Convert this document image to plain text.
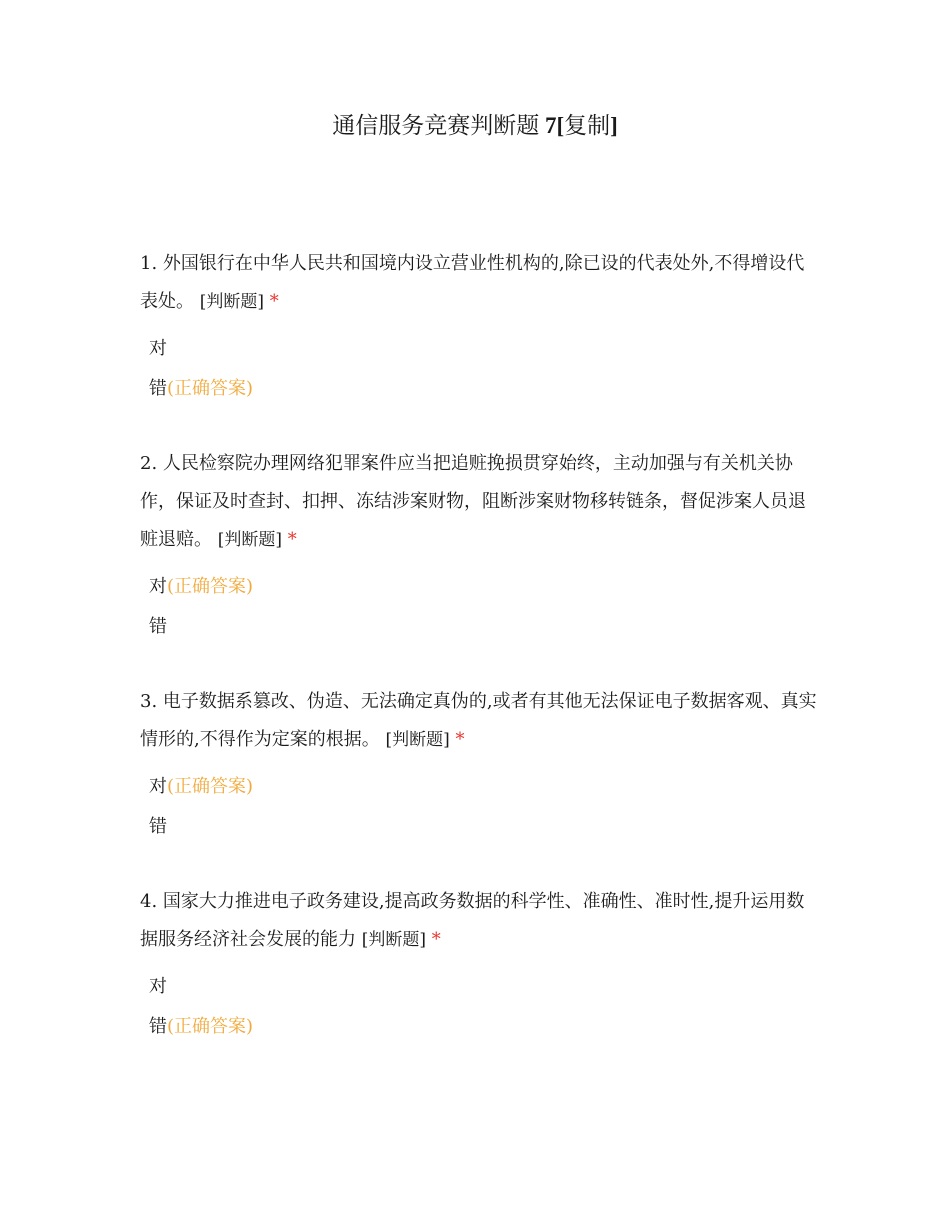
通信服务竞赛判断题 7[复制]

1. 外国银行在中华人民共和国境内设立营业性机构的,除已设的代表处外,不得增设代表处。 [判断题] *

对
错(正确答案)

2. 人民检察院办理网络犯罪案件应当把追赃挽损贯穿始终，主动加强与有关机关协作，保证及时查封、扣押、冻结涉案财物，阻断涉案财物移转链条，督促涉案人员退赃退赔。 [判断题] *

对(正确答案)
错

3. 电子数据系篡改、伪造、无法确定真伪的,或者有其他无法保证电子数据客观、真实情形的,不得作为定案的根据。 [判断题] *

对(正确答案)
错

4. 国家大力推进电子政务建设,提高政务数据的科学性、准确性、准时性,提升运用数据服务经济社会发展的能力 [判断题] *

对
错(正确答案)
